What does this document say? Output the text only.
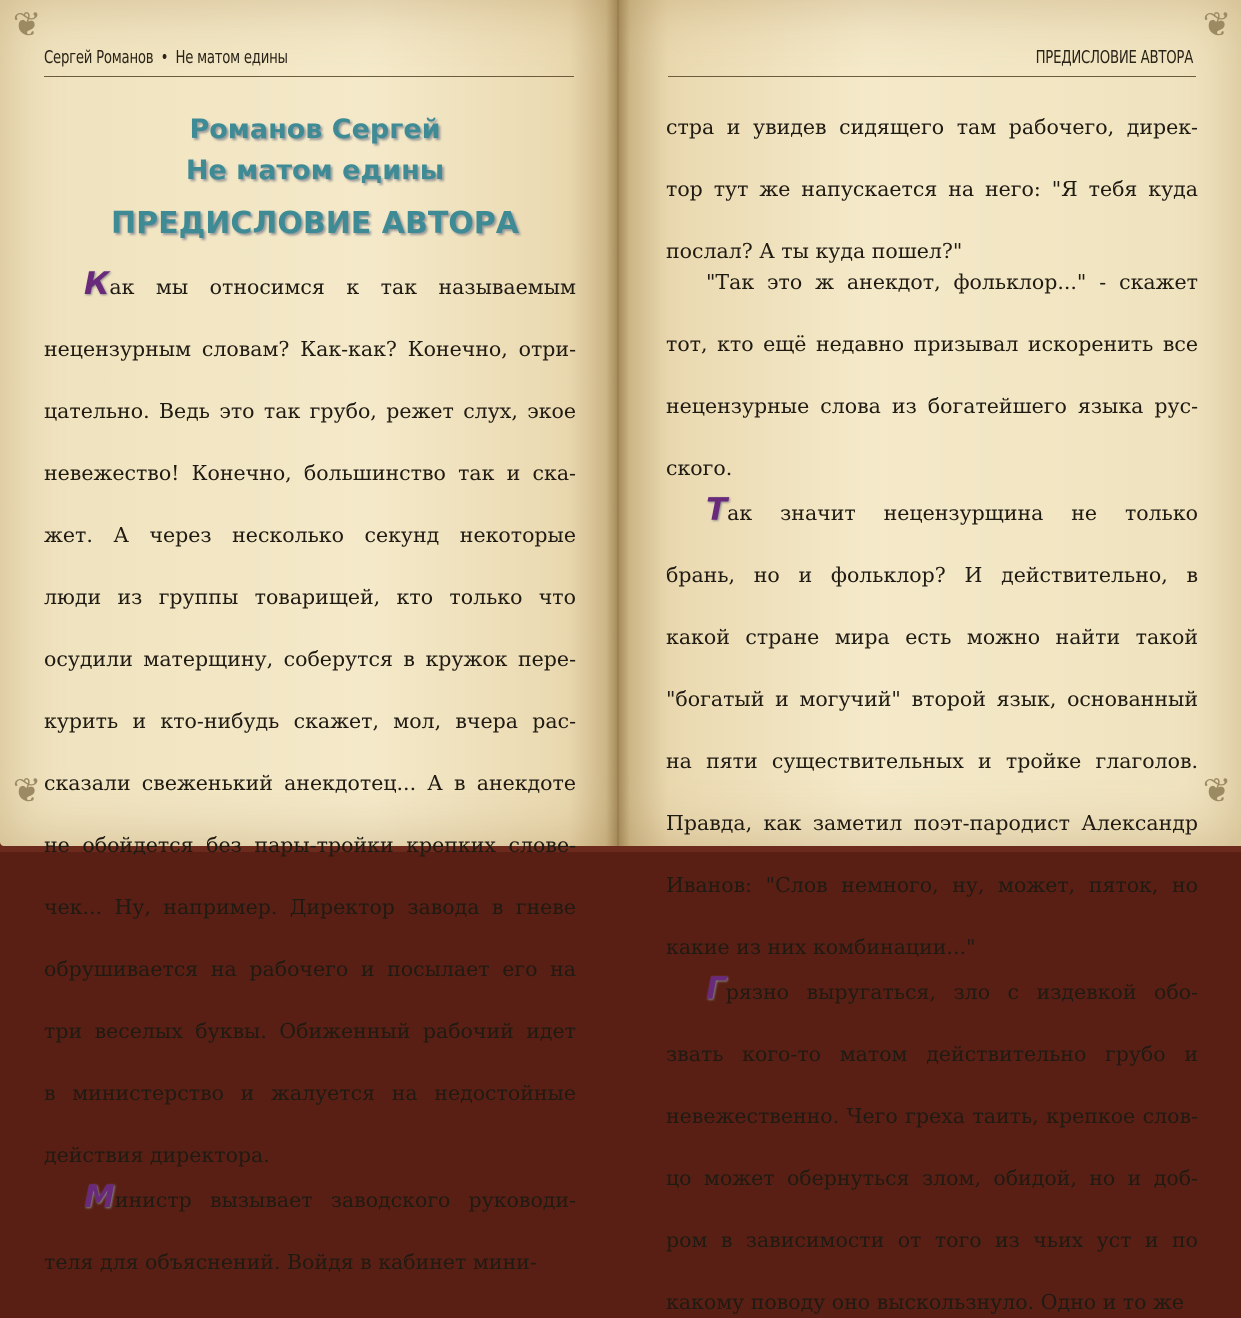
❦	❦
❦	❦
Сергей Романов • Не матом едины	ПРЕДИСЛОВИЕ АВТОРА
Романов Сергей
Не матом едины
ПРЕДИСЛОВИЕ АВТОРА

Как мы относимся к так называемымнецензурным словам? Как-как? Конечно, отри-цательно. Ведь это так грубо, режет слух, экоеневежество! Конечно, большинство так и ска-жет. А через несколько секунд некоторыелюди из группы товарищей, кто только чтоосудили матерщину, соберутся в кружок пере-курить и кто-нибудь скажет, мол, вчера рас-сказали свеженький анекдотец... А в анекдотене обойдется без пары-тройки крепких слове-чек... Ну, например. Директор завода в гневеобрушивается на рабочего и посылает его натри веселых буквы. Обиженный рабочий идетв министерство и жалуется на недостойныедействия директора.

Министр вызывает заводского руководи-теля для объяснений. Войдя в кабинет мини-

стра и увидев сидящего там рабочего, дирек-тор тут же напускается на него: "Я тебя кудапослал? А ты куда пошел?"

"Так это ж анекдот, фольклор..." - скажеттот, кто ещё недавно призывал искоренить всенецензурные слова из богатейшего языка рус-ского.

Так значит нецензурщина не толькобрань, но и фольклор? И действительно, вкакой стране мира есть можно найти такой"богатый и могучий" второй язык, основанныйна пяти существительных и тройке глаголов.Правда, как заметил поэт-пародист АлександрИванов: "Слов немного, ну, может, пяток, нокакие из них комбинации..."

Грязно выругаться, зло с издевкой обо-звать кого-то матом действительно грубо иневежественно. Чего греха таить, крепкое слов-цо может обернуться злом, обидой, но и доб-ром в зависимости от того из чьих уст и покакому поводу оно выскользнуло. Одно и то же
